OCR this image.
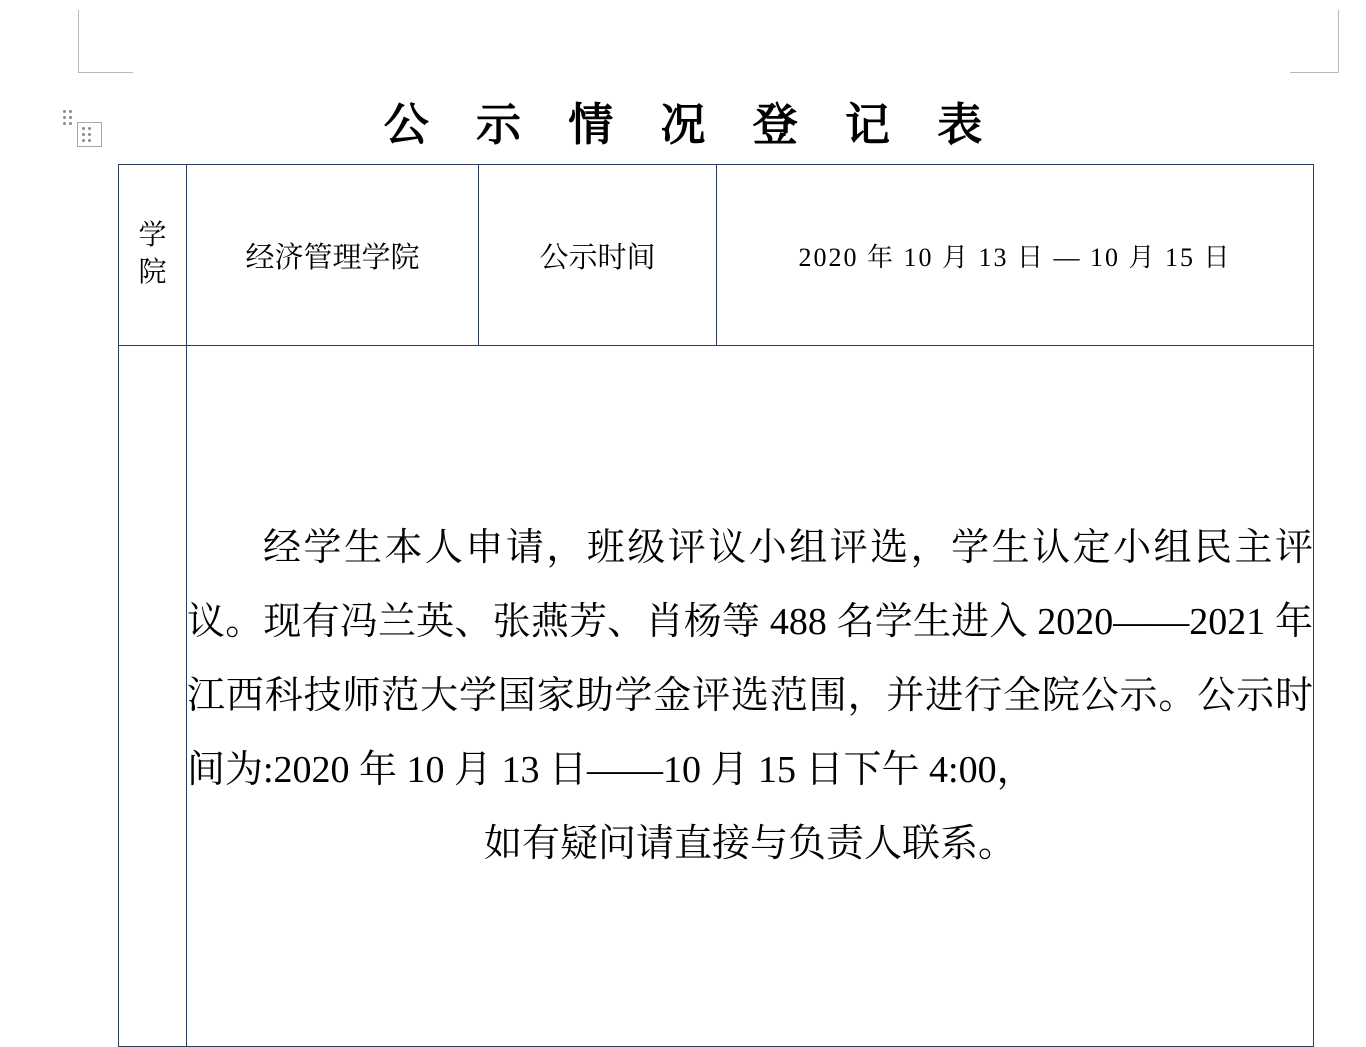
公 示 情 况 登 记 表
学
院	经济管理学院	公示时间	2020 年 10 月 13 日 — 10 月 15 日

	经学生本人申请，班级评议小组评选，学生认定小组民主评议。现有冯兰英、张燕芳、肖杨等 488 名学生进入 2020——2021 年江西科技师范大学国家助学金评选范围，并进行全院公示。公示时间为:2020 年 10 月 13 日——10 月 15 日下午 4:00，

如有疑问请直接与负责人联系。		
